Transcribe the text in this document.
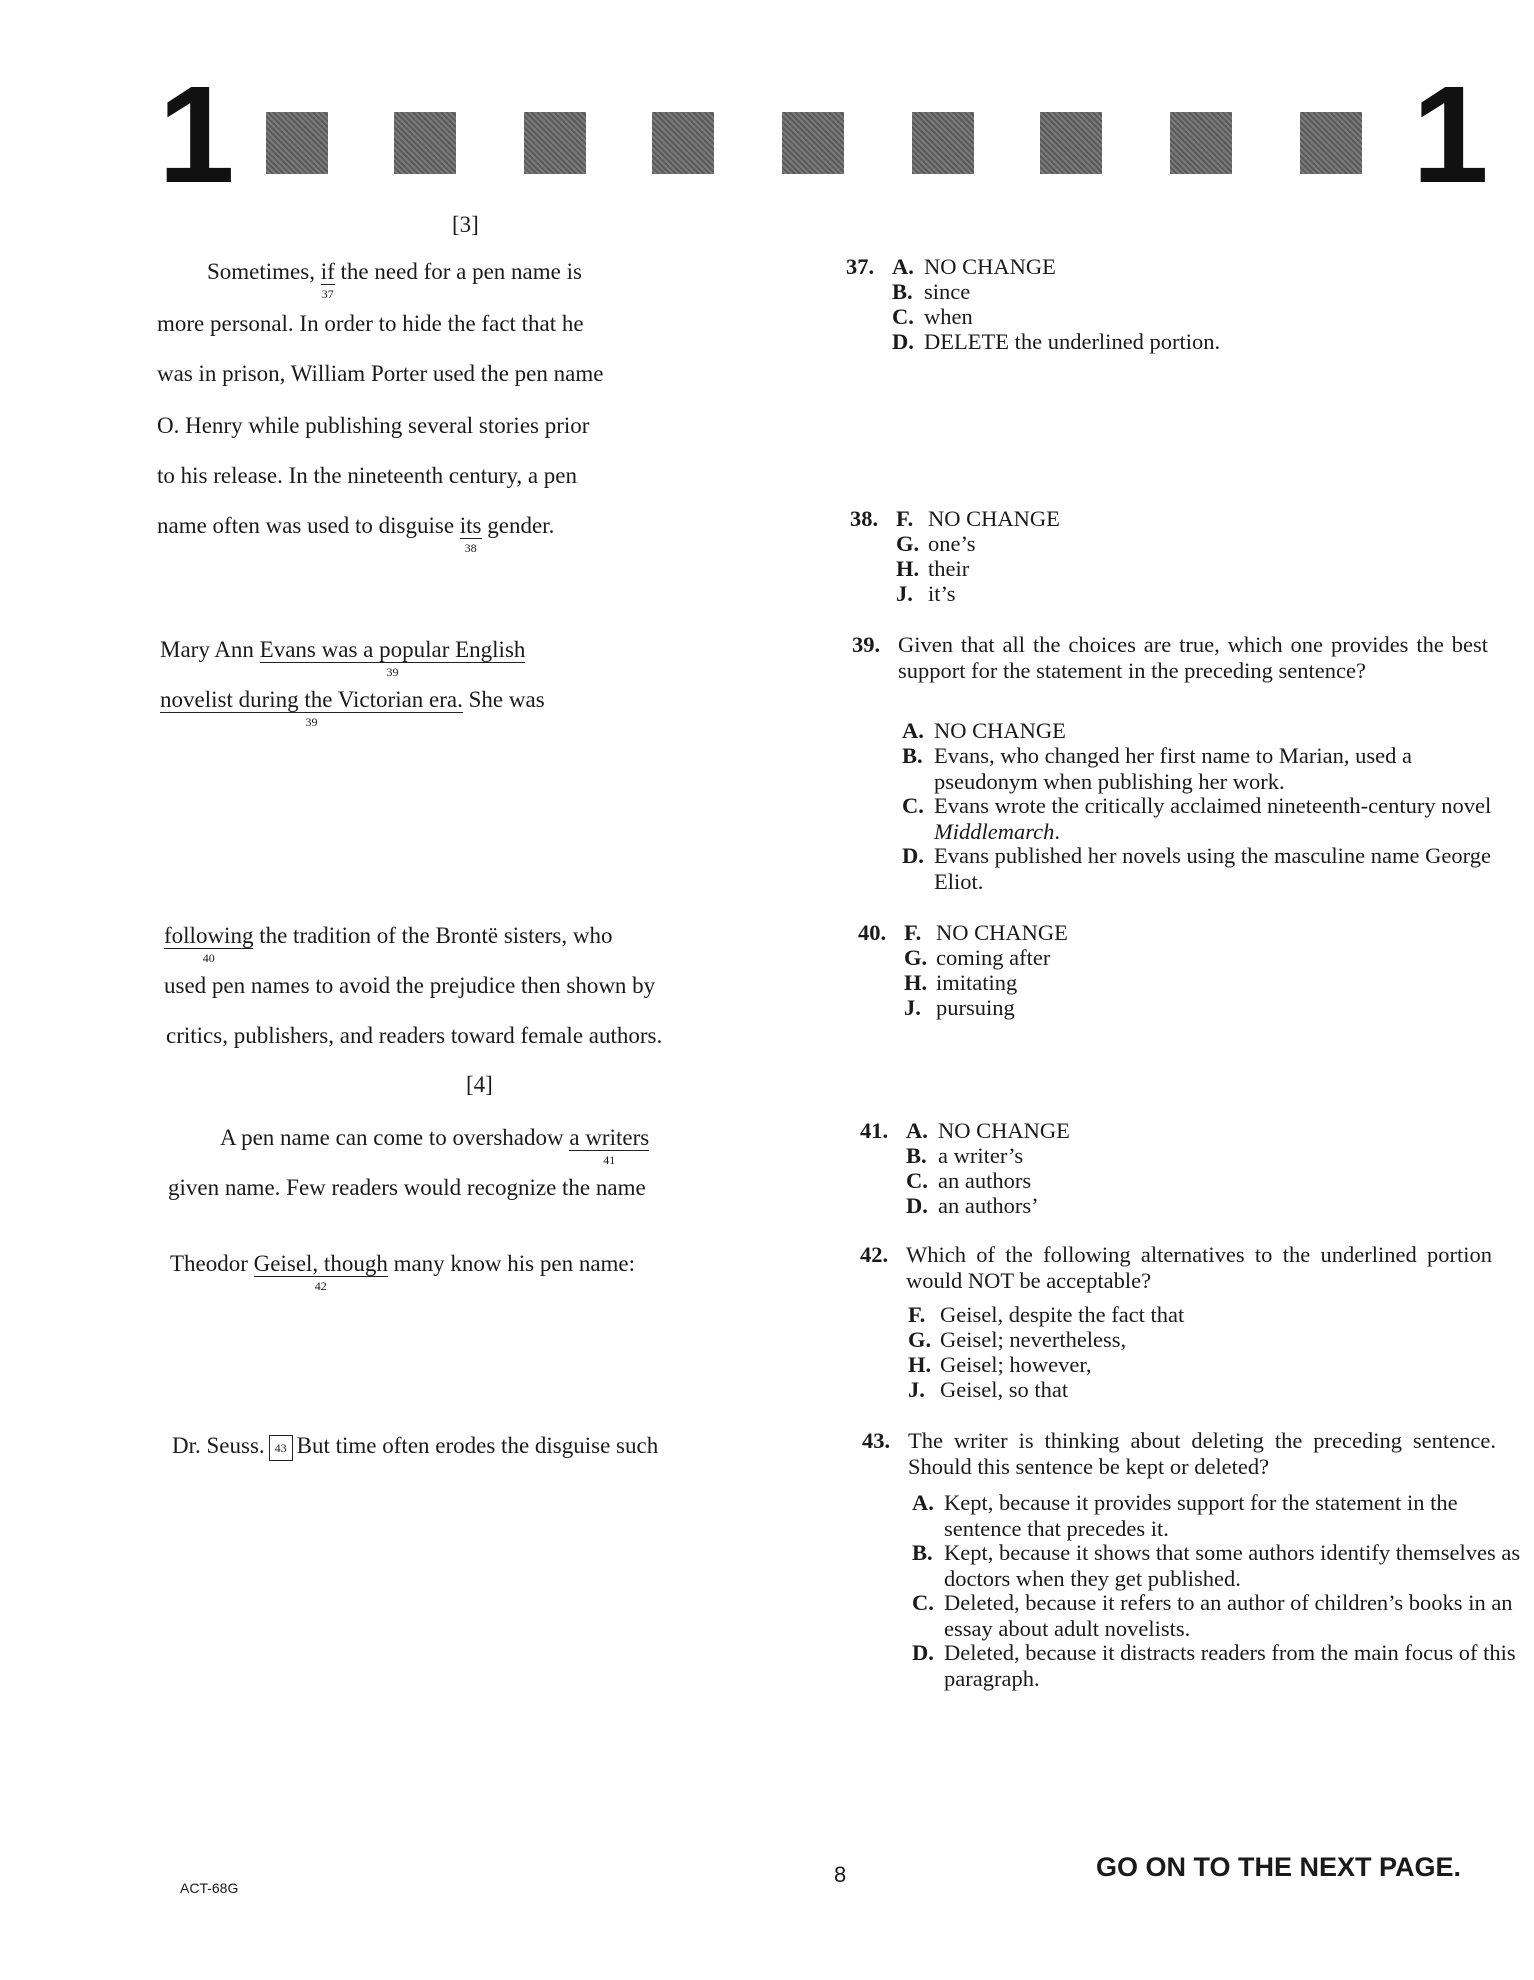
1	1
[3]
Sometimes, if
37
the need for a pen name is
more personal. In order to hide the fact that he
was in prison, William Porter used the pen name
O. Henry while publishing several stories prior
to his release. In the nineteenth century, a pen
name often was used to disguise its
38
gender.
Mary Ann Evans was a popular English
39
novelist during the Victorian era.
39
She was
following
40
the tradition of the Brontë sisters, who
used pen names to avoid the prejudice then shown by
critics, publishers, and readers toward female authors.
[4]
A pen name can come to overshadow a writers
41
given name. Few readers would recognize the name
Theodor Geisel, though
42
many know his pen name:
Dr. Seuss. 43 But time often erodes the disguise such
37. A. NO CHANGE
B. since
C. when
D. DELETE the underlined portion.
38. F. NO CHANGE
G. one’s
H. their
J. it’s
39. Given that all the choices are true, which one provides the best support for the statement in the preceding sentence?
A. NO CHANGE
B. Evans, who changed her first name to Marian, used a pseudonym when publishing her work.
C. Evans wrote the critically acclaimed nineteenth-century novel Middlemarch.
D. Evans published her novels using the masculine name George Eliot.
40. F. NO CHANGE
G. coming after
H. imitating
J. pursuing
41. A. NO CHANGE
B. a writer’s
C. an authors
D. an authors’
42. Which of the following alternatives to the underlined portion would NOT be acceptable?
F. Geisel, despite the fact that
G. Geisel; nevertheless,
H. Geisel; however,
J. Geisel, so that
43. The writer is thinking about deleting the preceding sentence. Should this sentence be kept or deleted?
A. Kept, because it provides support for the statement in the sentence that precedes it.
B. Kept, because it shows that some authors identify themselves as doctors when they get published.
C. Deleted, because it refers to an author of children’s books in an essay about adult novelists.
D. Deleted, because it distracts readers from the main focus of this paragraph.
ACT-68G
8	GO ON TO THE NEXT PAGE.
